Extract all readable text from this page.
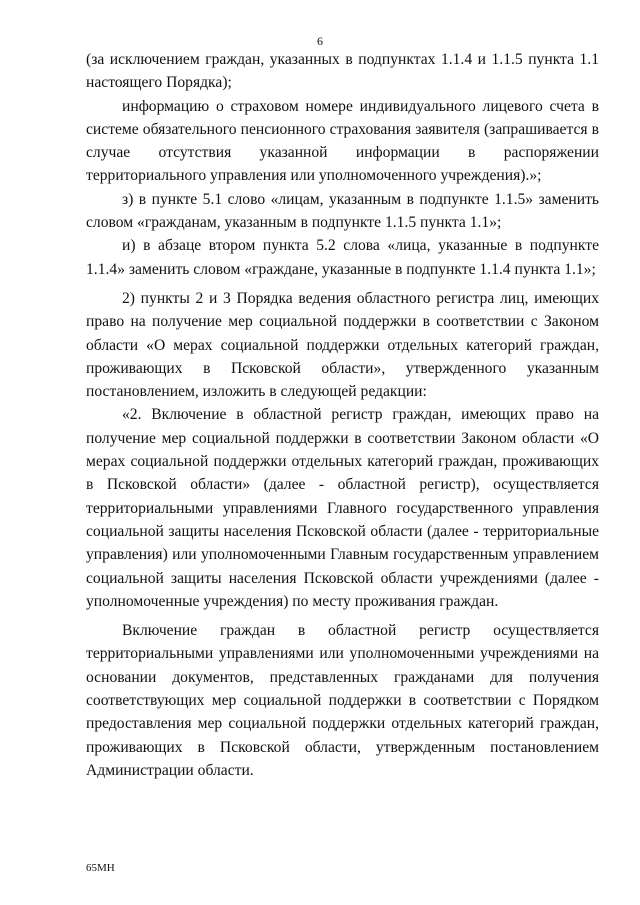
6

(за исключением граждан, указанных в подпунктах 1.1.4 и 1.1.5 пункта 1.1 настоящего Порядка);

информацию о страховом номере индивидуального лицевого счета в системе обязательного пенсионного страхования заявителя (запрашивается в случае отсутствия указанной информации в распоряжении территориального управления или уполномоченного учреждения).»;

з) в пункте 5.1 слово «лицам, указанным в подпункте 1.1.5» заменить словом «гражданам, указанным в подпункте 1.1.5 пункта 1.1»;

и) в абзаце втором пункта 5.2 слова «лица, указанные в подпункте 1.1.4» заменить словом «граждане, указанные в подпункте 1.1.4 пункта 1.1»;

2) пункты 2 и 3 Порядка ведения областного регистра лиц, имеющих право на получение мер социальной поддержки в соответствии с Законом области «О мерах социальной поддержки отдельных категорий граждан, проживающих в Псковской области», утвержденного указанным постановлением, изложить в следующей редакции:

«2. Включение в областной регистр граждан, имеющих право на получение мер социальной поддержки в соответствии Законом области «О мерах социальной поддержки отдельных категорий граждан, проживающих в Псковской области» (далее - областной регистр), осуществляется территориальными управлениями Главного государственного управления социальной защиты населения Псковской области (далее - территориальные управления) или уполномоченными Главным государственным управлением социальной защиты населения Псковской области учреждениями (далее - уполномоченные учреждения) по месту проживания граждан.

Включение граждан в областной регистр осуществляется территориальными управлениями или уполномоченными учреждениями на основании документов, представленных гражданами для получения соответствующих мер социальной поддержки в соответствии с Порядком предоставления мер социальной поддержки отдельных категорий граждан, проживающих в Псковской области, утвержденным постановлением Администрации области.

65МН
